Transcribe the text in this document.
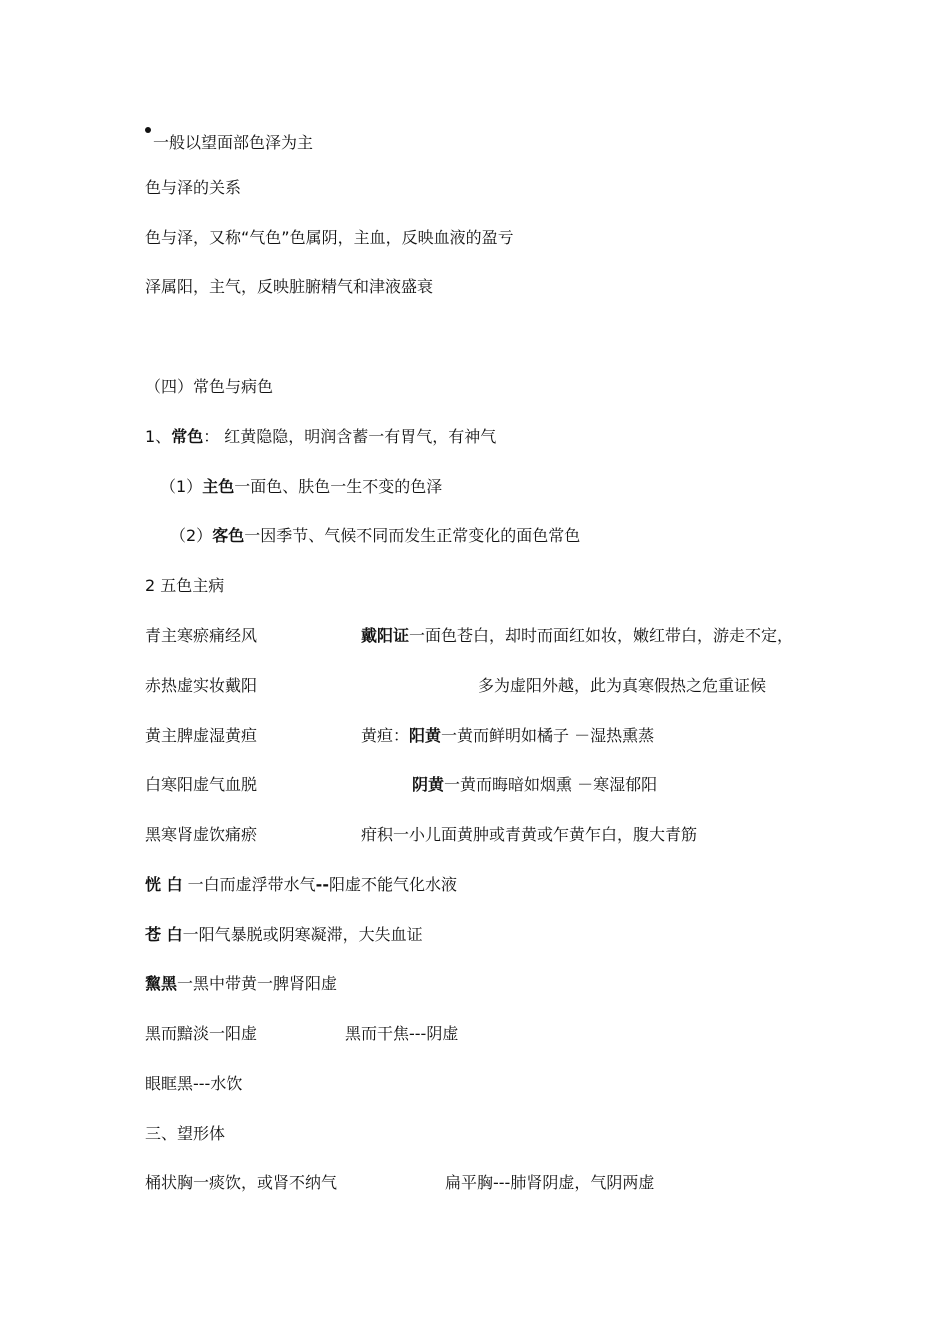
一般以望面部色泽为主
色与泽的关系
色与泽，又称“气色”色属阴，主血，反映血液的盈亏
泽属阳，主气，反映脏腑精气和津液盛衰
（四）常色与病色
1、常色： 红黄隐隐，明润含蓄一有胃气，有神气
（1）主色一面色、肤色一生不变的色泽
（2）客色一因季节、气候不同而发生正常变化的面色常色
2 五色主病
青主寒瘀痛经风	戴阳证一面色苍白，却时而面红如妆，嫩红带白，游走不定，
赤热虚实妆戴阳	多为虚阳外越，此为真寒假热之危重证候
黄主脾虚湿黄疸	黄疸：阳黄一黄而鲜明如橘子 －湿热熏蒸
白寒阳虚气血脱	阴黄一黄而晦暗如烟熏 －寒湿郁阳
黑寒肾虚饮痛瘀	疳积一小儿面黄肿或青黄或乍黄乍白，腹大青筋
恍 白 一白而虚浮带水气--阳虚不能气化水液
苍 白一阳气暴脱或阴寒凝滞，大失血证
黧黑一黑中带黄一脾肾阳虚
黑而黯淡一阳虚	黑而干焦---阴虚
眼眶黑---水饮
三、望形体
桶状胸一痰饮，或肾不纳气	扁平胸---肺肾阴虚，气阴两虚
